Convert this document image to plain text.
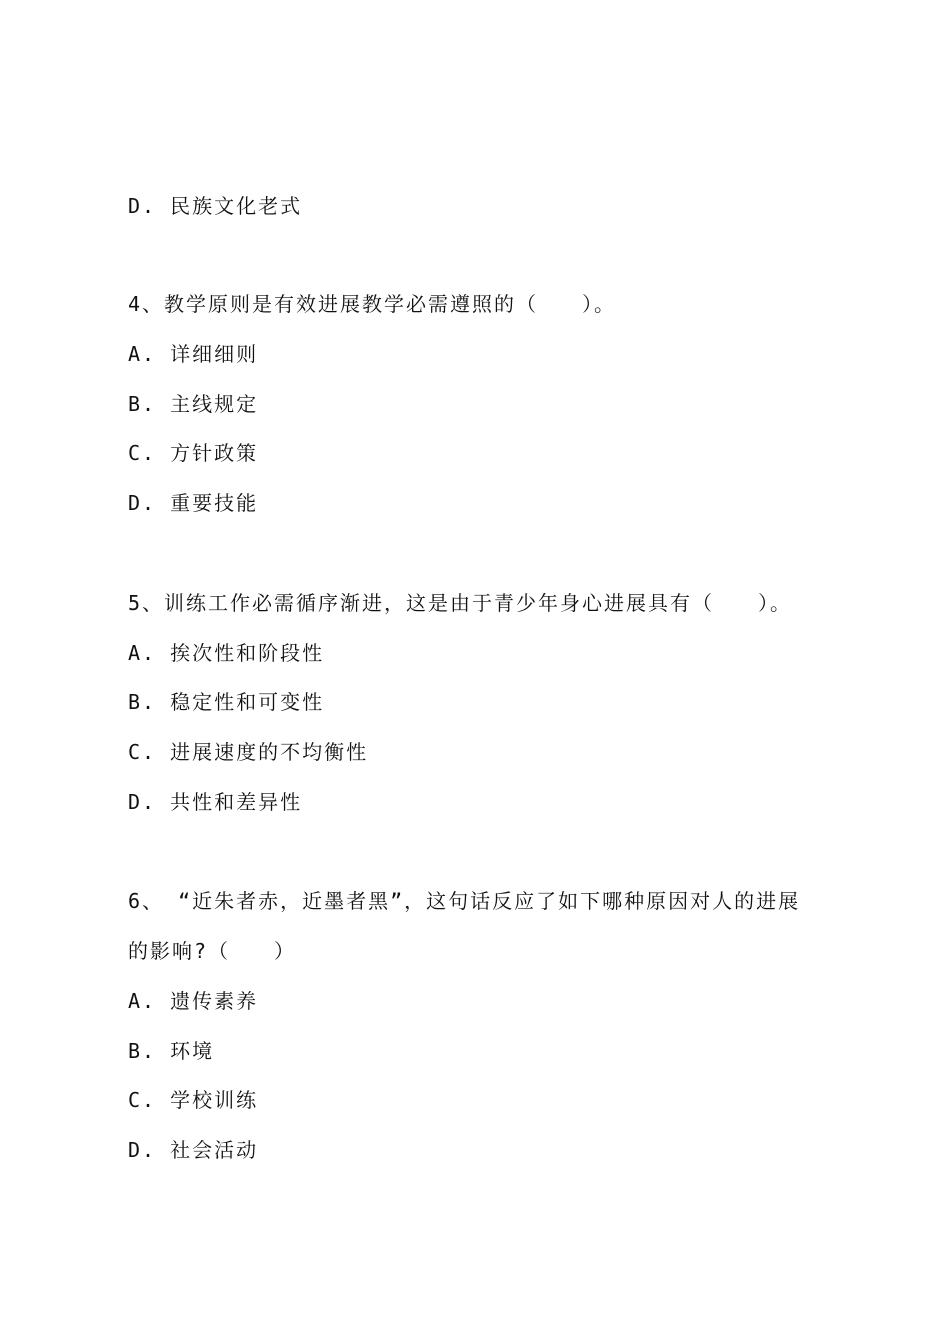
D. 民族文化老式
4、教学原则是有效进展教学必需遵照的（　　）。
A. 详细细则
B. 主线规定
C. 方针政策
D. 重要技能
5、训练工作必需循序渐进，这是由于青少年身心进展具有（　　）。
A. 挨次性和阶段性
B. 稳定性和可变性
C. 进展速度的不均衡性
D. 共性和差异性
6、 “近朱者赤，近墨者黑”，这句话反应了如下哪种原因对人的进展
的影响?（　　）
A. 遗传素养
B. 环境
C. 学校训练
D. 社会活动
